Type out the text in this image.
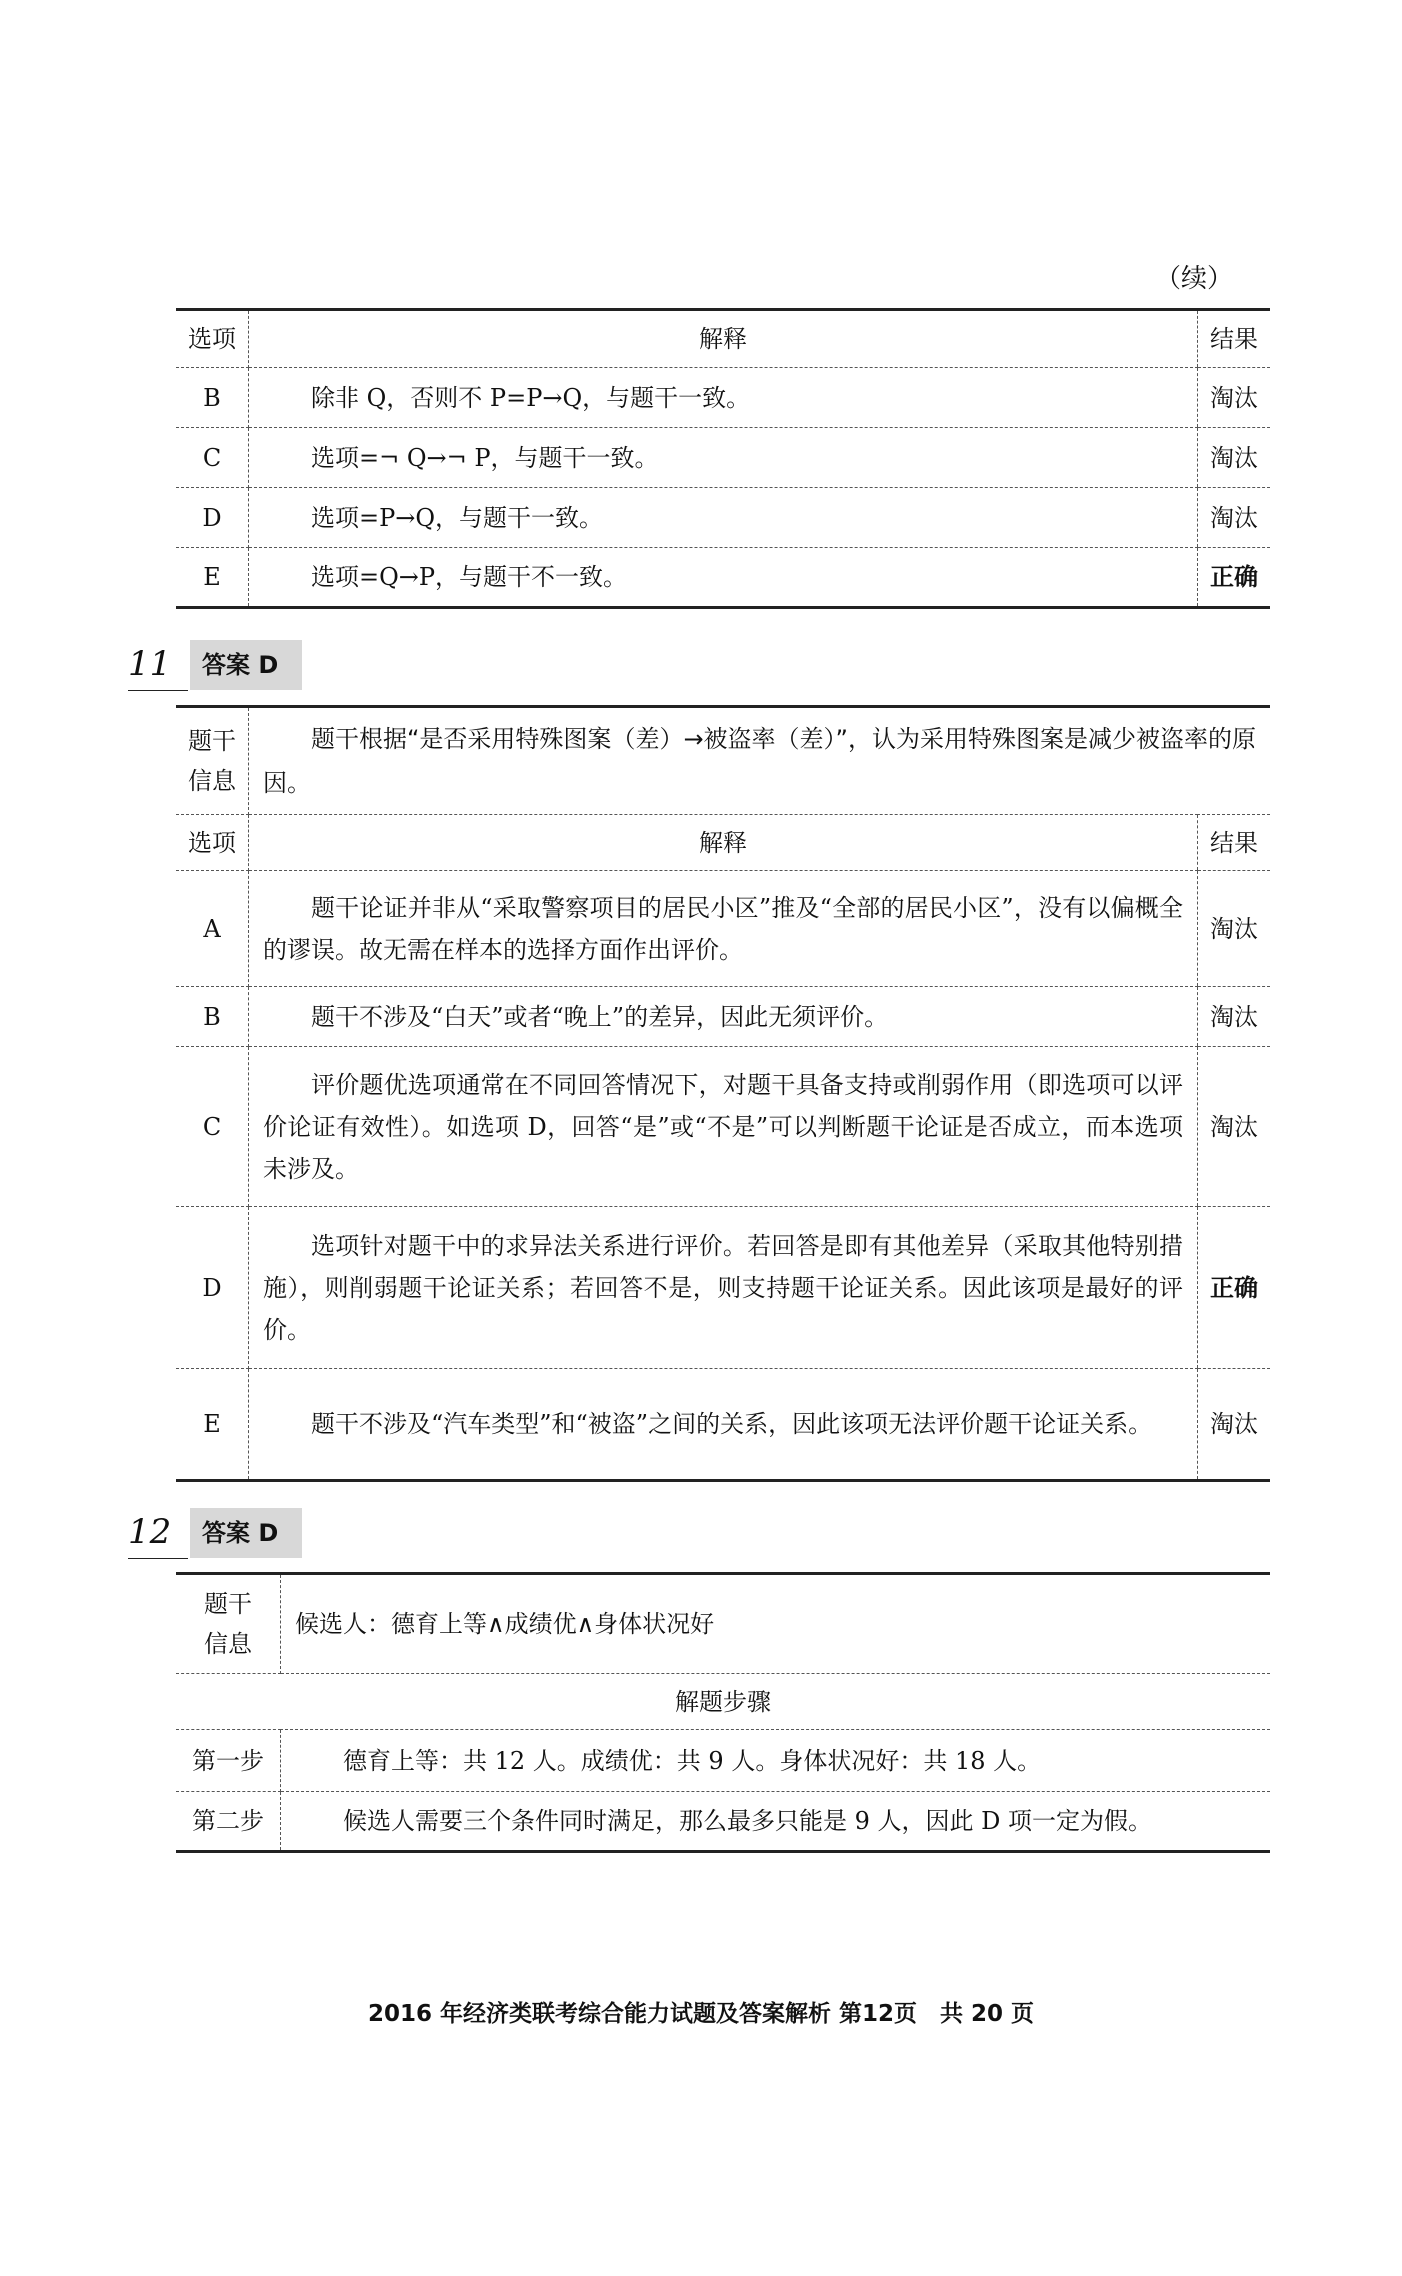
（续）
选项	解释	结果
B	除非 Q，否则不 P=P→Q，与题干一致。	淘汰
C	选项=¬ Q→¬ P，与题干一致。	淘汰
D	选项=P→Q，与题干一致。	淘汰
E	选项=Q→P，与题干不一致。	正确
11	答案 D
题干信息	题干根据“是否采用特殊图案（差）→被盗率（差）”，认为采用特殊图案是减少被盗率的原因。	

选项	解释	结果
A	题干论证并非从“采取警察项目的居民小区”推及“全部的居民小区”，没有以偏概全的谬误。故无需在样本的选择方面作出评价。	淘汰
B	题干不涉及“白天”或者“晚上”的差异，因此无须评价。	淘汰
C	评价题优选项通常在不同回答情况下，对题干具备支持或削弱作用（即选项可以评价论证有效性）。如选项 D，回答“是”或“不是”可以判断题干论证是否成立，而本选项未涉及。	淘汰
D	选项针对题干中的求异法关系进行评价。若回答是即有其他差异（采取其他特别措施），则削弱题干论证关系；若回答不是，则支持题干论证关系。因此该项是最好的评价。	正确
E	题干不涉及“汽车类型”和“被盗”之间的关系，因此该项无法评价题干论证关系。	淘汰
12	答案 D
题干信息	候选人：德育上等∧成绩优∧身体状况好
解题步骤	
第一步	德育上等：共 12 人。成绩优：共 9 人。身体状况好：共 18 人。

第二步	候选人需要三个条件同时满足，那么最多只能是 9 人，因此 D 项一定为假。
2016 年经济类联考综合能力试题及答案解析 第12页　共 20 页
